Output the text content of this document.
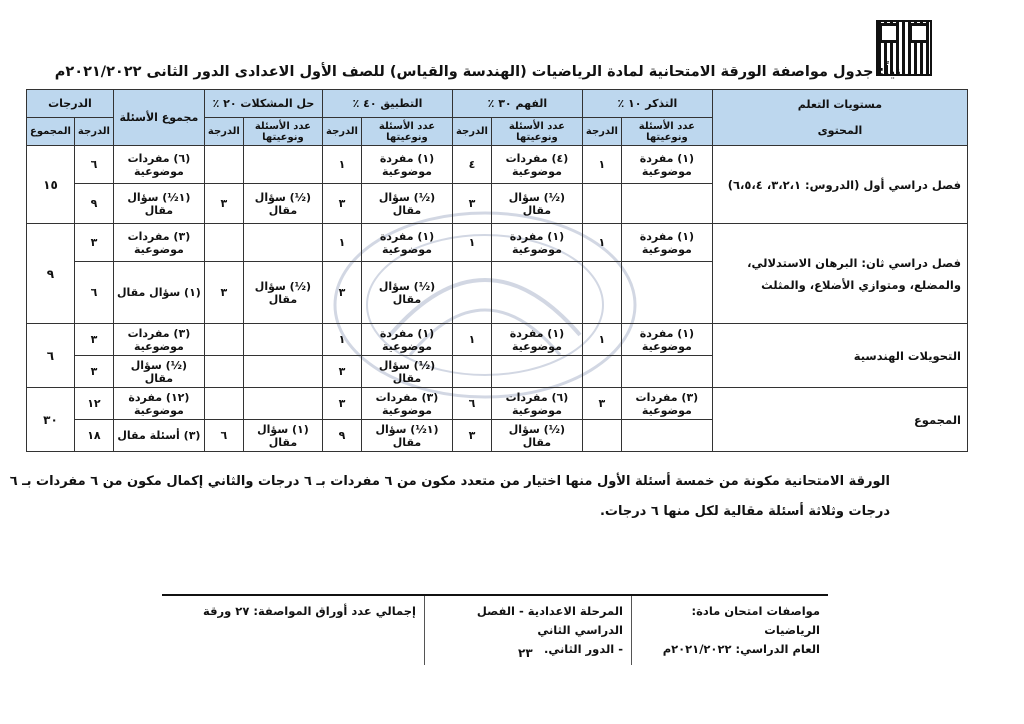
ثانياً: جدول مواصفة الورقة الامتحانية لمادة الرياضيات (الهندسة والقياس) للصف الأول الاعدادى الدور الثانى ٢٠٢١/٢٠٢٢م
مستويات التعلم
المحتوى	التذكر ١٠ ٪		الفهم ٣٠ ٪		التطبيق ٤٠ ٪		حل المشكلات ٢٠ ٪		مجموع الأسئلة	الدرجات	
	عدد الأسئلة ونوعيتها	الدرجة	عدد الأسئلة ونوعيتها	الدرجة	عدد الأسئلة ونوعيتها	الدرجة	عدد الأسئلة ونوعيتها	الدرجة		الدرجة	المجموع
فصل دراسي أول (الدروس: ٣،٢،١، ٦،٥،٤)	(١) مفردة موضوعية	١	(٤) مفردات موضوعية	٤	(١) مفردة موضوعية	١			(٦) مفردات موضوعية	٦	١٥
			(½) سؤال مقال	٣	(½) سؤال مقال	٣	(½) سؤال مقال	٣	(١½) سؤال مقال	٩	
فصل دراسي ثان: البرهان الاستدلالي، والمضلع، ومتوازي الأضلاع، والمثلث	(١) مفردة موضوعية	١	(١) مفردة موضوعية	١	(١) مفردة موضوعية	١			(٣) مفردات موضوعية	٣	٩
					(½) سؤال مقال	٣	(½) سؤال مقال	٣	(١) سؤال مقال	٦	
التحويلات الهندسية	(١) مفردة موضوعية	١	(١) مفردة موضوعية	١	(١) مفردة موضوعية	١			(٣) مفردات موضوعية	٣	٦
					(½) سؤال مقال	٣			(½) سؤال مقال	٣	
المجموع	(٣) مفردات موضوعية	٣	(٦) مفردات موضوعية	٦	(٣) مفردات موضوعية	٣			(١٢) مفردة موضوعية	١٢	٣٠
			(½) سؤال مقال	٣	(١½) سؤال مقال	٩	(١) سؤال مقال	٦	(٣) أسئلة مقال	١٨	
الورقة الامتحانية مكونة من خمسة أسئلة الأول منها اختيار من متعدد مكون من ٦ مفردات بـ ٦ درجات والثاني إكمال مكون من ٦ مفردات بـ ٦ درجات وثلاثة أسئلة مقالية لكل منها ٦ درجات.
مواصفات امتحان مادة: الرياضيات
العام الدراسي: ٢٠٢١/٢٠٢٢م
المرحلة الاعدادية - الفصل الدراسي الثاني
- الدور الثاني.
إجمالي عدد أوراق المواصفة: ٢٧ ورقة
٢٣
